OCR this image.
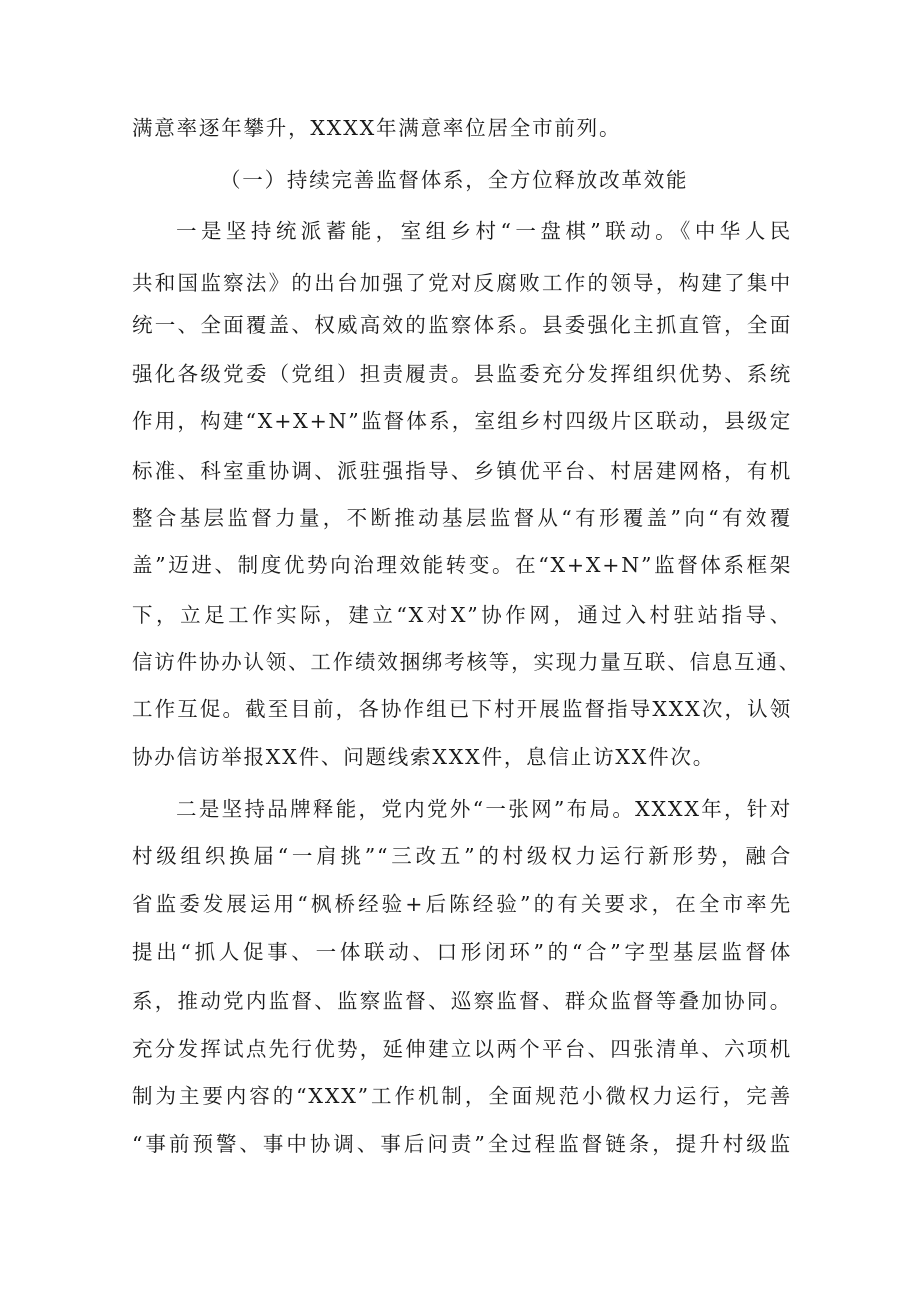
满意率逐年攀升，XXXX年满意率位居全市前列。
（一）持续完善监督体系，全方位释放改革效能
一是坚持统派蓄能，室组乡村“一盘棋”联动。《中华人民
共和国监察法》的出台加强了党对反腐败工作的领导，构建了集中
统一、全面覆盖、权威高效的监察体系。县委强化主抓直管，全面
强化各级党委（党组）担责履责。县监委充分发挥组织优势、系统
作用，构建“X+X+N”监督体系，室组乡村四级片区联动，县级定
标准、科室重协调、派驻强指导、乡镇优平台、村居建网格，有机
整合基层监督力量，不断推动基层监督从“有形覆盖”向“有效覆
盖”迈进、制度优势向治理效能转变。在“X+X+N”监督体系框架
下，立足工作实际，建立“X对X”协作网，通过入村驻站指导、
信访件协办认领、工作绩效捆绑考核等，实现力量互联、信息互通、
工作互促。截至目前，各协作组已下村开展监督指导XXX次，认领
协办信访举报XX件、问题线索XXX件，息信止访XX件次。
二是坚持品牌释能，党内党外“一张网”布局。XXXX年，针对
村级组织换届“一肩挑”“三改五”的村级权力运行新形势，融合
省监委发展运用“枫桥经验+后陈经验”的有关要求，在全市率先
提出“抓人促事、一体联动、口形闭环”的“合”字型基层监督体
系，推动党内监督、监察监督、巡察监督、群众监督等叠加协同。
充分发挥试点先行优势，延伸建立以两个平台、四张清单、六项机
制为主要内容的“XXX”工作机制，全面规范小微权力运行，完善
“事前预警、事中协调、事后问责”全过程监督链条，提升村级监
